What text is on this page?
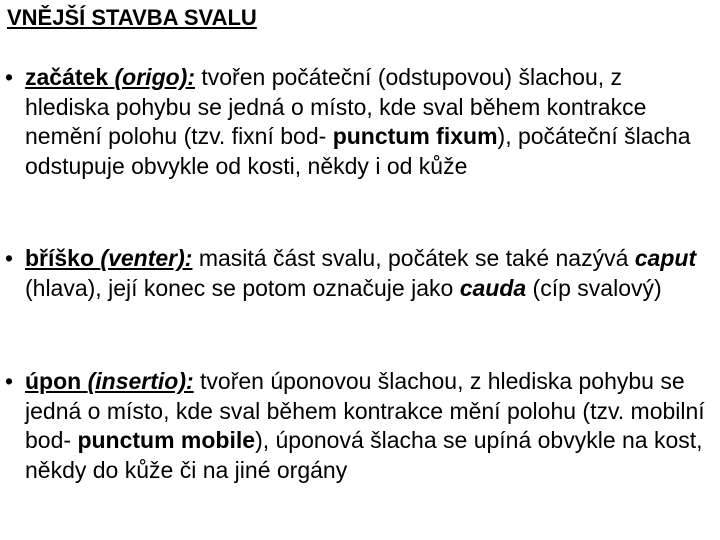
VNĚJŠÍ STAVBA SVALU
• začátek (origo): tvořen počáteční (odstupovou) šlachou, z hlediska pohybu se jedná o místo, kde sval během kontrakce nemění polohu (tzv. fixní bod- punctum fixum), počáteční šlacha odstupuje obvykle od kosti, někdy i od kůže
• bříško (venter): masitá část svalu, počátek se také nazývá caput (hlava), její konec se potom označuje jako cauda (cíp svalový)
• úpon (insertio): tvořen úponovou šlachou, z hlediska pohybu se jedná o místo, kde sval během kontrakce mění polohu (tzv. mobilní bod- punctum mobile), úponová šlacha se upíná obvykle na kost, někdy do kůže či na jiné orgány
